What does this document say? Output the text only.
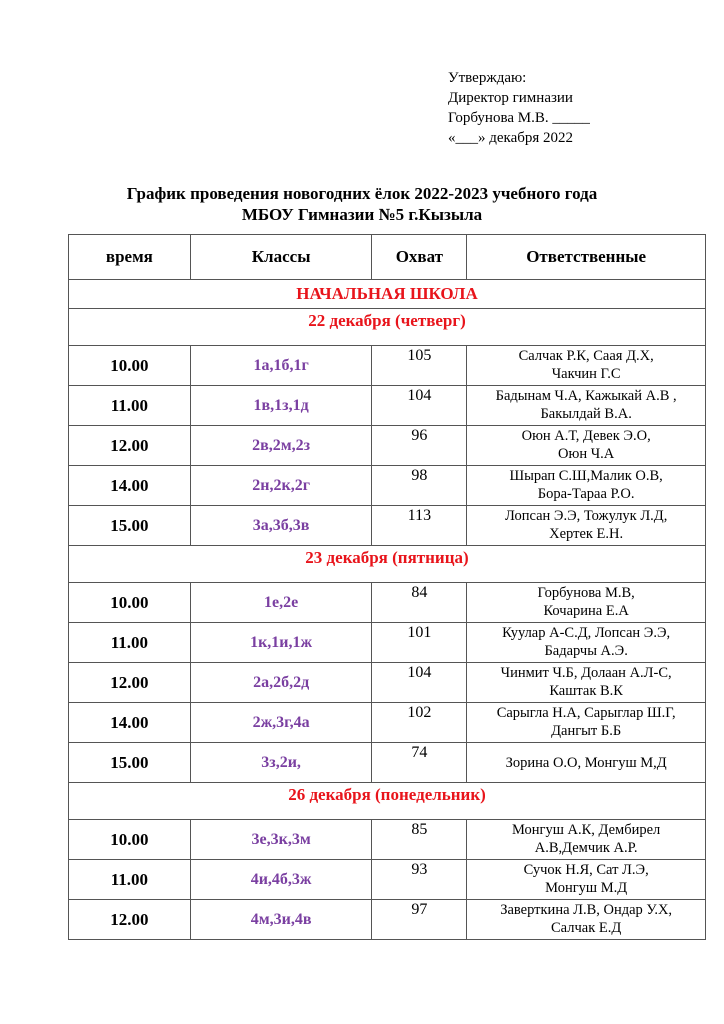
Утверждаю:
Директор гимназии
Горбунова М.В. _____
«___» декабря 2022
График проведения новогодних ёлок 2022-2023 учебного года
МБОУ Гимназии №5 г.Кызыла
время	Классы	Охват	Ответственные
НАЧАЛЬНАЯ ШКОЛА			
22 декабря (четверг)			
10.00	1а,1б,1г	105	Салчак Р.К, Саая Д.Х,
Чакчин Г.С

11.00	1в,1з,1д	104	Бадынам Ч.А, Кажыкай А.В ,
Бакылдай В.А.

12.00	2в,2м,2з	96	Оюн А.Т, Девек Э.О,
Оюн Ч.А

14.00	2н,2к,2г	98	Шырап С.Ш,Малик О.В,
Бора-Тараа Р.О.

15.00	3а,3б,3в	113	Лопсан Э.Э, Тожулук Л.Д,
Хертек Е.Н.

23 декабря (пятница)			
10.00	1е,2е	84	Горбунова М.В,
Кочарина Е.А

11.00	1к,1и,1ж	101	Куулар А-С.Д, Лопсан Э.Э,
Бадарчы А.Э.

12.00	2а,2б,2д	104	Чинмит Ч.Б, Долаан А.Л-С,
Каштак В.К

14.00	2ж,3г,4а	102	Сарыгла Н.А, Сарыглар Ш.Г,
Дангыт Б.Б

15.00	3з,2и,	74	Зорина О.О, Монгуш М,Д

26 декабря (понедельник)			
10.00	3е,3к,3м	85	Монгуш А.К, Дембирел
А.В,Демчик А.Р.

11.00	4и,4б,3ж	93	Сучок Н.Я, Сат Л.Э,
Монгуш М.Д

12.00	4м,3и,4в	97	Заверткина Л.В, Ондар У.Х,
Салчак Е.Д
